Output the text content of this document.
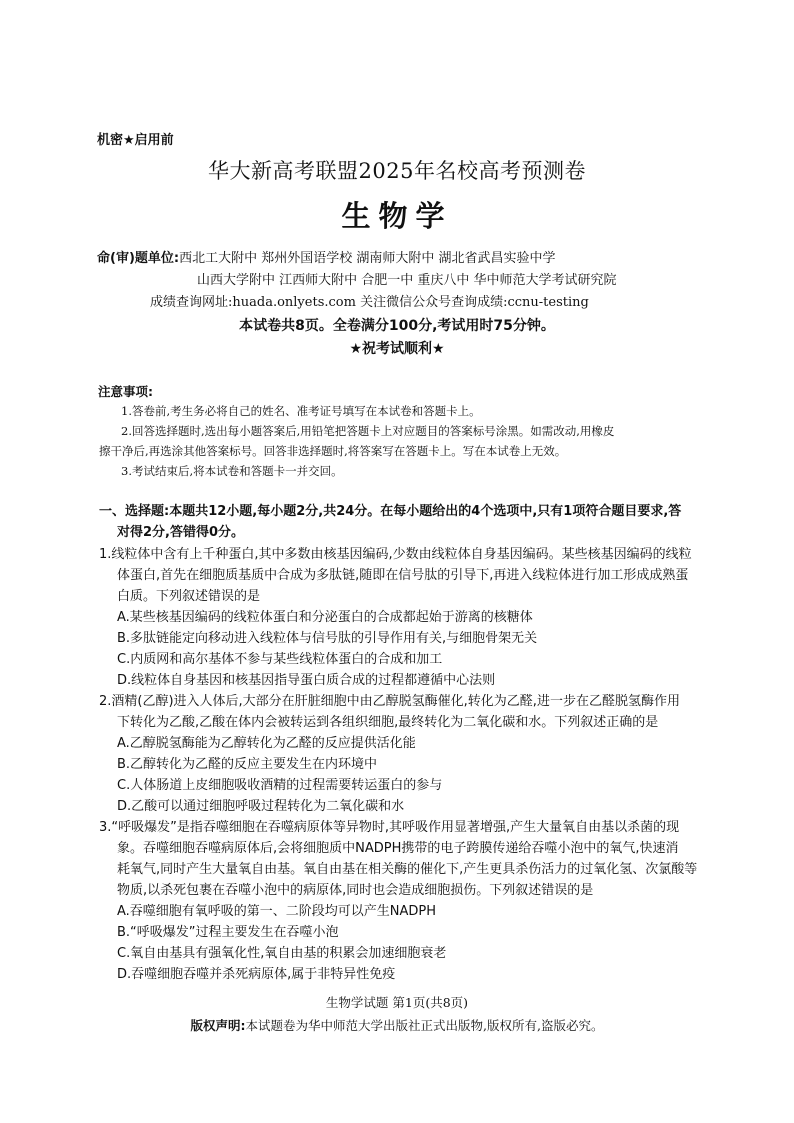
机密★启用前
华大新高考联盟2025年名校高考预测卷
生物学
命(审)题单位:西北工大附中 郑州外国语学校 湖南师大附中 湖北省武昌实验中学
山西大学附中 江西师大附中 合肥一中 重庆八中 华中师范大学考试研究院
成绩查询网址:huada.onlyets.com 关注微信公众号查询成绩:ccnu-testing
本试卷共8页。全卷满分100分,考试用时75分钟。
★祝考试顺利★
注意事项:
1.答卷前,考生务必将自己的姓名、准考证号填写在本试卷和答题卡上。
2.回答选择题时,选出每小题答案后,用铅笔把答题卡上对应题目的答案标号涂黑。如需改动,用橡皮
擦干净后,再选涂其他答案标号。回答非选择题时,将答案写在答题卡上。写在本试卷上无效。
3.考试结束后,将本试卷和答题卡一并交回。
一、选择题:本题共12小题,每小题2分,共24分。在每小题给出的4个选项中,只有1项符合题目要求,答
对得2分,答错得0分。
1.线粒体中含有上千种蛋白,其中多数由核基因编码,少数由线粒体自身基因编码。某些核基因编码的线粒
体蛋白,首先在细胞质基质中合成为多肽链,随即在信号肽的引导下,再进入线粒体进行加工形成成熟蛋
白质。下列叙述错误的是
A.某些核基因编码的线粒体蛋白和分泌蛋白的合成都起始于游离的核糖体
B.多肽链能定向移动进入线粒体与信号肽的引导作用有关,与细胞骨架无关
C.内质网和高尔基体不参与某些线粒体蛋白的合成和加工
D.线粒体自身基因和核基因指导蛋白质合成的过程都遵循中心法则
2.酒精(乙醇)进入人体后,大部分在肝脏细胞中由乙醇脱氢酶催化,转化为乙醛,进一步在乙醛脱氢酶作用
下转化为乙酸,乙酸在体内会被转运到各组织细胞,最终转化为二氧化碳和水。下列叙述正确的是
A.乙醇脱氢酶能为乙醇转化为乙醛的反应提供活化能
B.乙醇转化为乙醛的反应主要发生在内环境中
C.人体肠道上皮细胞吸收酒精的过程需要转运蛋白的参与
D.乙酸可以通过细胞呼吸过程转化为二氧化碳和水
3.“呼吸爆发”是指吞噬细胞在吞噬病原体等异物时,其呼吸作用显著增强,产生大量氧自由基以杀菌的现
象。吞噬细胞吞噬病原体后,会将细胞质中NADPH携带的电子跨膜传递给吞噬小泡中的氧气,快速消
耗氧气,同时产生大量氧自由基。氧自由基在相关酶的催化下,产生更具杀伤活力的过氧化氢、次氯酸等
物质,以杀死包裹在吞噬小泡中的病原体,同时也会造成细胞损伤。下列叙述错误的是
A.吞噬细胞有氧呼吸的第一、二阶段均可以产生NADPH
B.“呼吸爆发”过程主要发生在吞噬小泡
C.氧自由基具有强氧化性,氧自由基的积累会加速细胞衰老
D.吞噬细胞吞噬并杀死病原体,属于非特异性免疫
生物学试题 第1页(共8页)
版权声明:本试题卷为华中师范大学出版社正式出版物,版权所有,盗版必究。
